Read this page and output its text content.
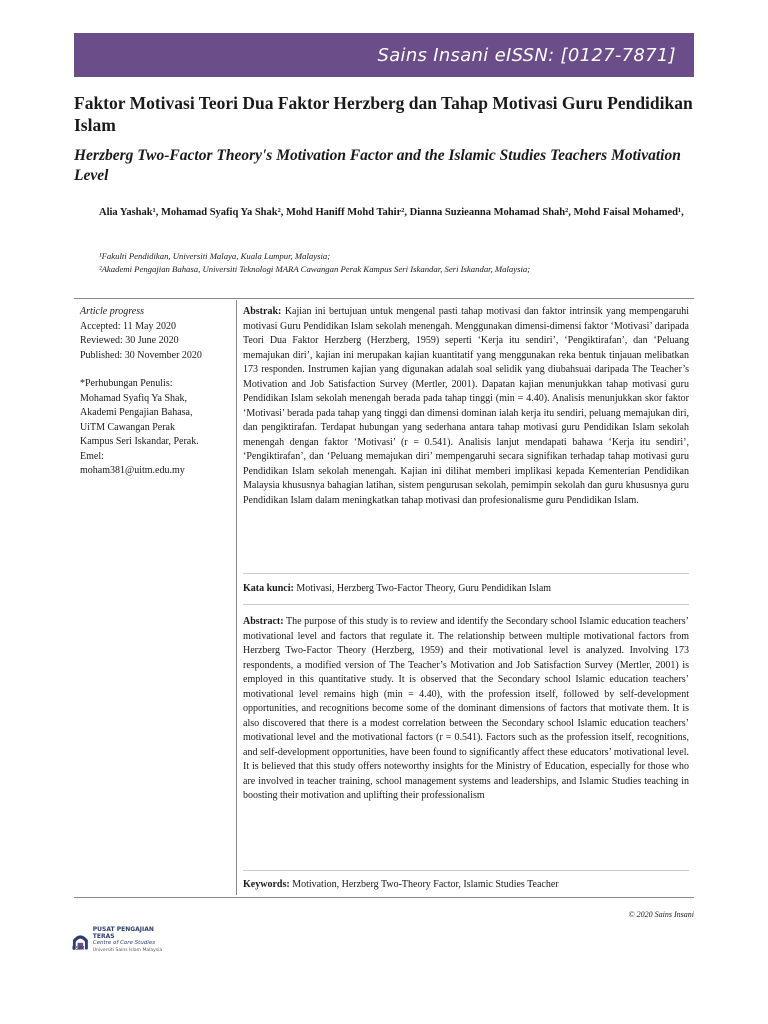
Sains Insani eISSN: [0127-7871]
Faktor Motivasi Teori Dua Faktor Herzberg dan Tahap Motivasi Guru Pendidikan Islam
Herzberg Two-Factor Theory's Motivation Factor and the Islamic Studies Teachers Motivation Level
Alia Yashak¹, Mohamad Syafiq Ya Shak², Mohd Haniff Mohd Tahir², Dianna Suzieanna Mohamad Shah², Mohd Faisal Mohamed¹,
¹Fakulti Pendidikan, Universiti Malaya, Kuala Lumpur, Malaysia;
²Akademi Pengajian Bahasa, Universiti Teknologi MARA Cawangan Perak Kampus Seri Iskandar, Seri Iskandar, Malaysia;
Article progress
Accepted: 11 May 2020
Reviewed: 30 June 2020
Published: 30 November 2020
*Perhubungan Penulis:
Mohamad Syafiq Ya Shak,
Akademi Pengajian Bahasa,
UiTM Cawangan Perak
Kampus Seri Iskandar, Perak.
Emel:
moham381@uitm.edu.my
Abstrak: Kajian ini bertujuan untuk mengenal pasti tahap motivasi dan faktor intrinsik yang mempengaruhi motivasi Guru Pendidikan Islam sekolah menengah. Menggunakan dimensi-dimensi faktor ‘Motivasi’ daripada Teori Dua Faktor Herzberg (Herzberg, 1959) seperti ‘Kerja itu sendiri’, ‘Pengiktirafan’, dan ‘Peluang memajukan diri’, kajian ini merupakan kajian kuantitatif yang menggunakan reka bentuk tinjauan melibatkan 173 responden. Instrumen kajian yang digunakan adalah soal selidik yang diubahsuai daripada The Teacher’s Motivation and Job Satisfaction Survey (Mertler, 2001). Dapatan kajian menunjukkan tahap motivasi guru Pendidikan Islam sekolah menengah berada pada tahap tinggi (min = 4.40). Analisis menunjukkan skor faktor ‘Motivasi’ berada pada tahap yang tinggi dan dimensi dominan ialah kerja itu sendiri, peluang memajukan diri, dan pengiktirafan. Terdapat hubungan yang sederhana antara tahap motivasi guru Pendidikan Islam sekolah menengah dengan faktor ‘Motivasi’ (r = 0.541). Analisis lanjut mendapati bahawa ‘Kerja itu sendiri’, ‘Pengiktirafan’, dan ‘Peluang memajukan diri’ mempengaruhi secara signifikan terhadap tahap motivasi guru Pendidikan Islam sekolah menengah. Kajian ini dilihat memberi implikasi kepada Kementerian Pendidikan Malaysia khususnya bahagian latihan, sistem pengurusan sekolah, pemimpin sekolah dan guru khususnya guru Pendidikan Islam dalam meningkatkan tahap motivasi dan profesionalisme guru Pendidikan Islam.
Kata kunci: Motivasi, Herzberg Two-Factor Theory, Guru Pendidikan Islam
Abstract: The purpose of this study is to review and identify the Secondary school Islamic education teachers’ motivational level and factors that regulate it. The relationship between multiple motivational factors from Herzberg Two-Factor Theory (Herzberg, 1959) and their motivational level is analyzed. Involving 173 respondents, a modified version of The Teacher’s Motivation and Job Satisfaction Survey (Mertler, 2001) is employed in this quantitative study. It is observed that the Secondary school Islamic education teachers’ motivational level remains high (min = 4.40), with the profession itself, followed by self-development opportunities, and recognitions become some of the dominant dimensions of factors that motivate them. It is also discovered that there is a modest correlation between the Secondary school Islamic education teachers’ motivational level and the motivational factors (r = 0.541). Factors such as the profession itself, recognitions, and self-development opportunities, have been found to significantly affect these educators’ motivational level. It is believed that this study offers noteworthy insights for the Ministry of Education, especially for those who are involved in teacher training, school management systems and leaderships, and Islamic Studies teaching in boosting their motivation and uplifting their professionalism
Keywords: Motivation, Herzberg Two-Theory Factor, Islamic Studies Teacher
© 2020 Sains Insani
PUSAT PENGAJIAN TERAS
Centre of Core Studies
Universiti Sains Islam Malaysia
USIM
